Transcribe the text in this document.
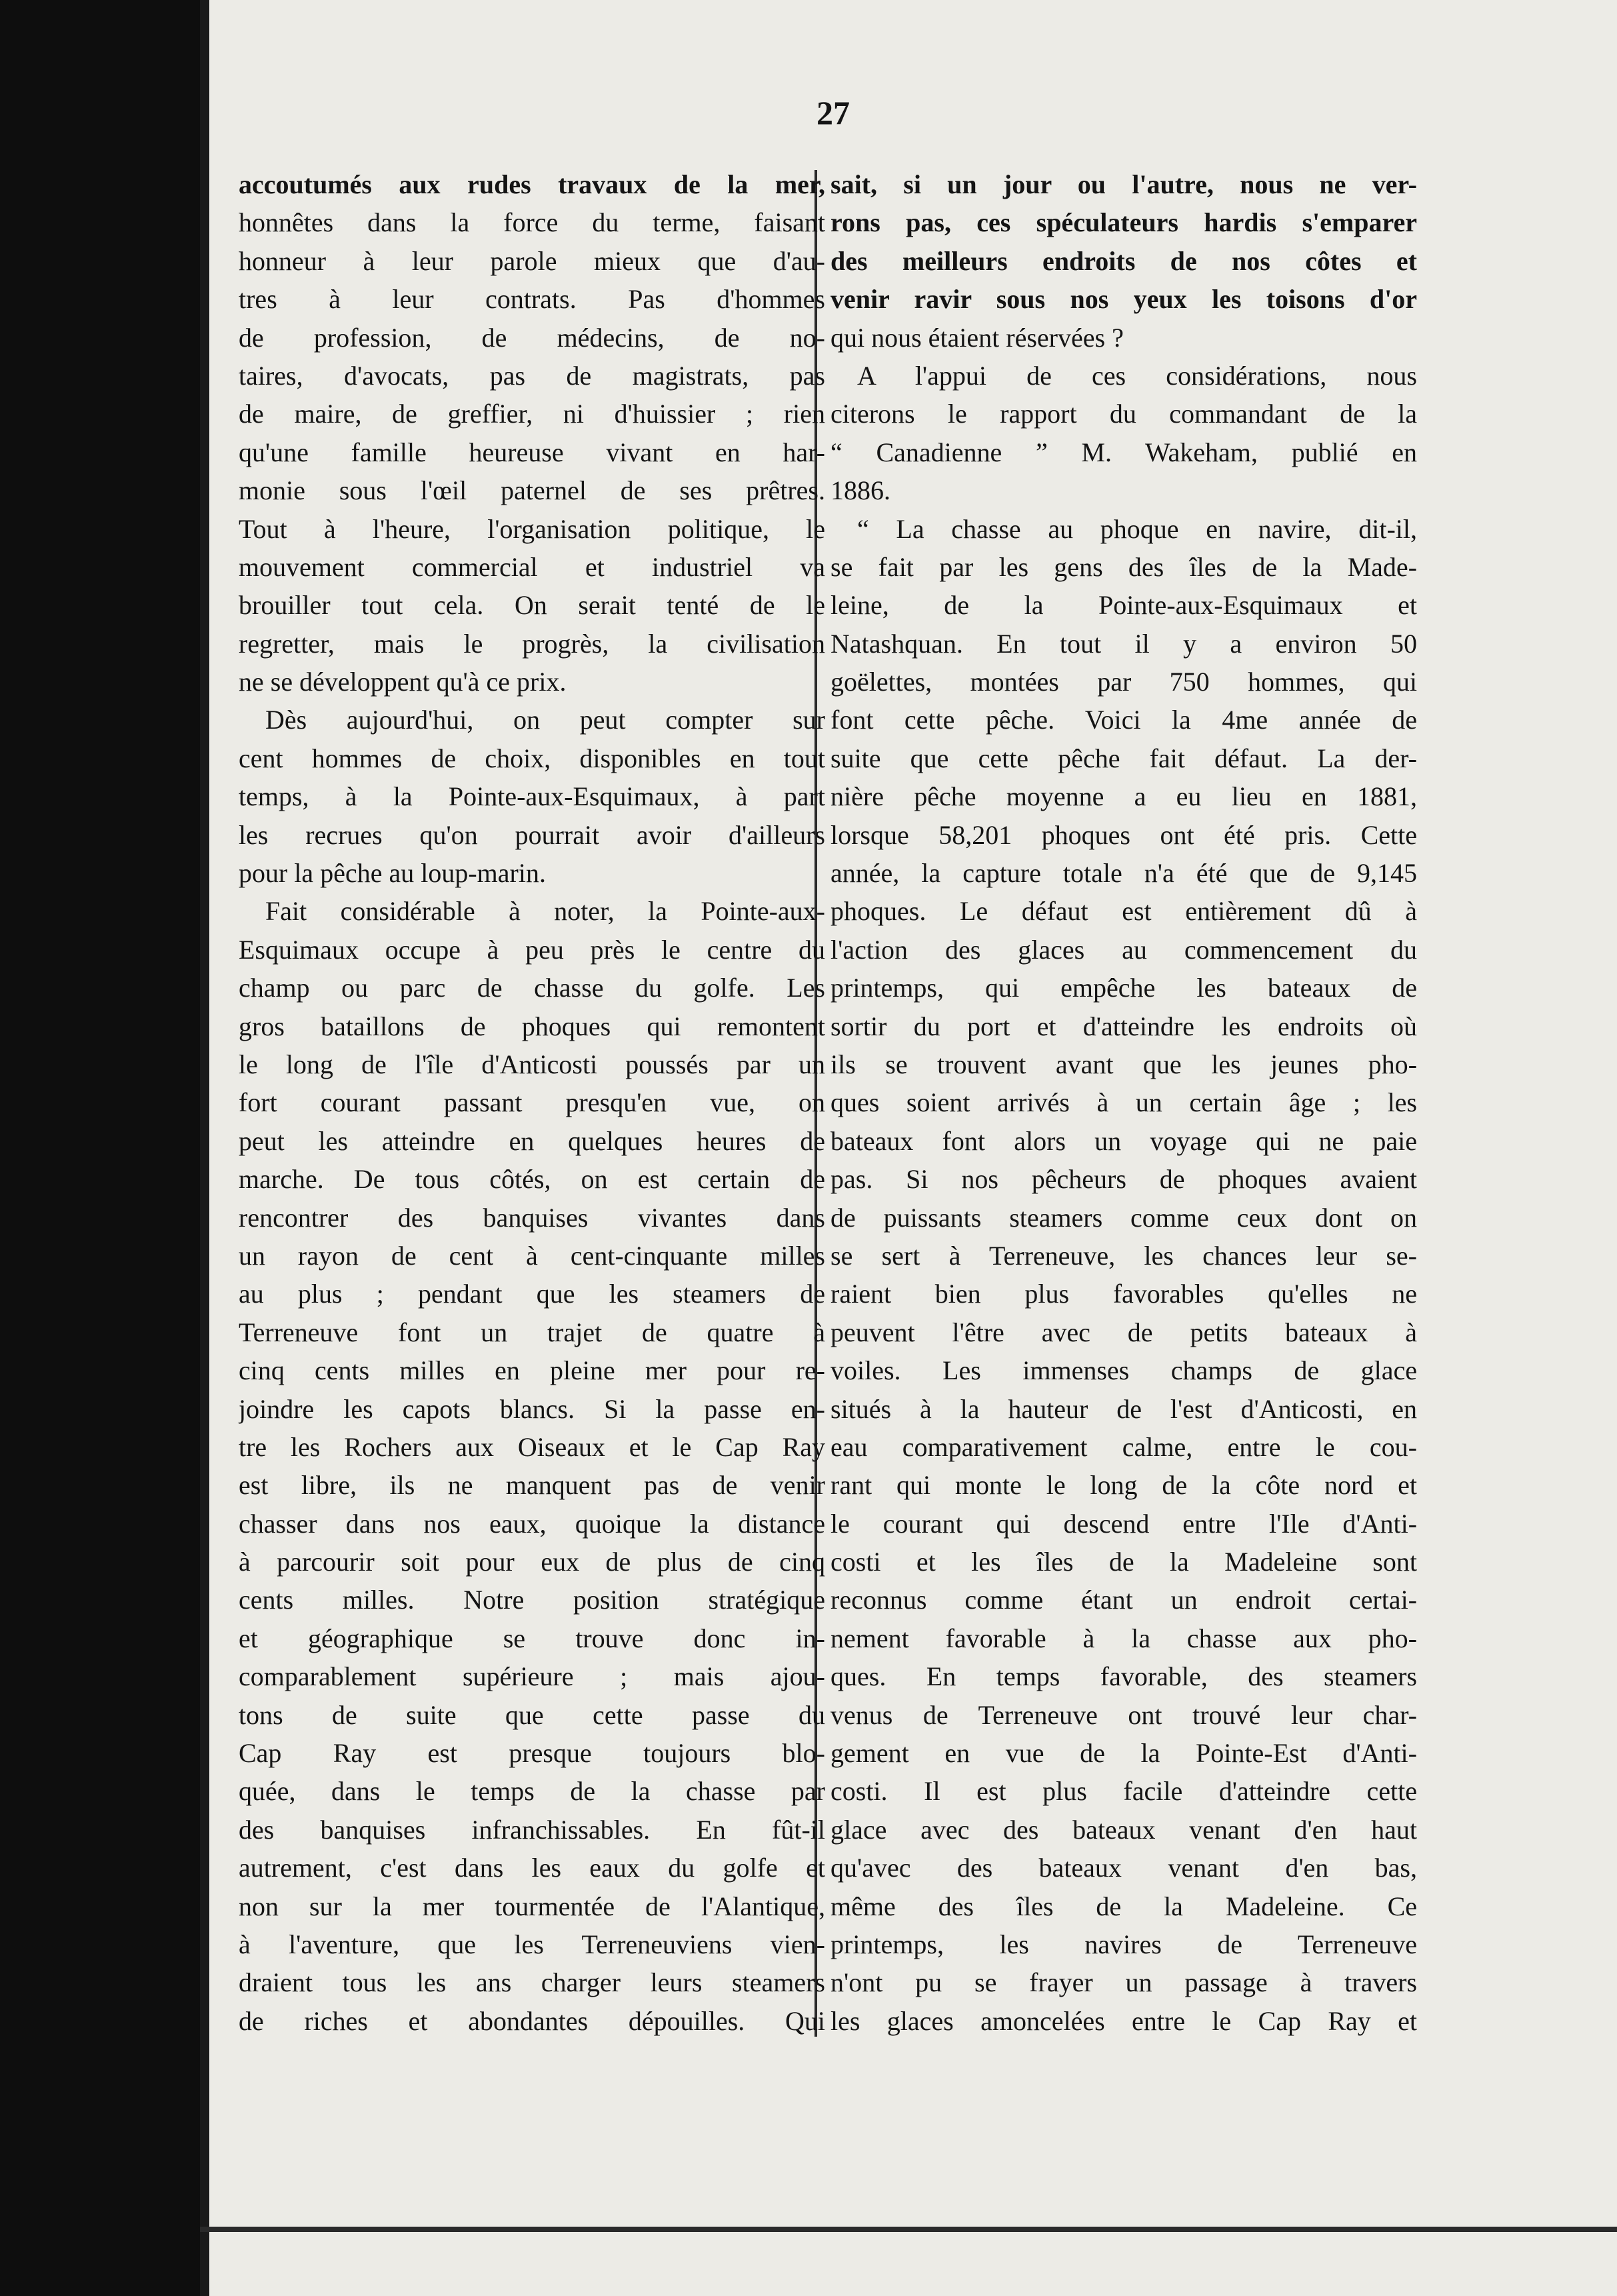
27
accoutumés aux rudes travaux de la mer,
honnêtes dans la force du terme, faisant
honneur à leur parole mieux que d'au-
tres à leur contrats. Pas d'hommes
de profession, de médecins, de no-
taires, d'avocats, pas de magistrats, pas
de maire, de greffier, ni d'huissier ; rien
qu'une famille heureuse vivant en har-
monie sous l'œil paternel de ses prêtres.
Tout à l'heure, l'organisation politique, le
mouvement commercial et industriel va
brouiller tout cela. On serait tenté de le
regretter, mais le progrès, la civilisation
ne se développent qu'à ce prix.
Dès aujourd'hui, on peut compter sur
cent hommes de choix, disponibles en tout
temps, à la Pointe-aux-Esquimaux, à part
les recrues qu'on pourrait avoir d'ailleurs
pour la pêche au loup-marin.
Fait considérable à noter, la Pointe-aux-
Esquimaux occupe à peu près le centre du
champ ou parc de chasse du golfe. Les
gros bataillons de phoques qui remontent
le long de l'île d'Anticosti poussés par un
fort courant passant presqu'en vue, on
peut les atteindre en quelques heures de
marche. De tous côtés, on est certain de
rencontrer des banquises vivantes dans
un rayon de cent à cent-cinquante milles
au plus ; pendant que les steamers de
Terreneuve font un trajet de quatre à
cinq cents milles en pleine mer pour re-
joindre les capots blancs. Si la passe en-
tre les Rochers aux Oiseaux et le Cap Ray
est libre, ils ne manquent pas de venir
chasser dans nos eaux, quoique la distance
à parcourir soit pour eux de plus de cinq
cents milles. Notre position stratégique
et géographique se trouve donc in-
comparablement supérieure ; mais ajou-
tons de suite que cette passe du
Cap Ray est presque toujours blo-
quée, dans le temps de la chasse par
des banquises infranchissables. En fût-il
autrement, c'est dans les eaux du golfe et
non sur la mer tourmentée de l'Alantique,
à l'aventure, que les Terreneuviens vien-
draient tous les ans charger leurs steamers
de riches et abondantes dépouilles. Qui
sait, si un jour ou l'autre, nous ne ver-
rons pas, ces spéculateurs hardis s'emparer
des meilleurs endroits de nos côtes et
venir ravir sous nos yeux les toisons d'or
qui nous étaient réservées ?
A l'appui de ces considérations, nous
citerons le rapport du commandant de la
“ Canadienne ” M. Wakeham, publié en
1886.
“ La chasse au phoque en navire, dit-il,
se fait par les gens des îles de la Made-
leine, de la Pointe-aux-Esquimaux et
Natashquan. En tout il y a environ 50
goëlettes, montées par 750 hommes, qui
font cette pêche. Voici la 4me année de
suite que cette pêche fait défaut. La der-
nière pêche moyenne a eu lieu en 1881,
lorsque 58,201 phoques ont été pris. Cette
année, la capture totale n'a été que de 9,145
phoques. Le défaut est entièrement dû à
l'action des glaces au commencement du
printemps, qui empêche les bateaux de
sortir du port et d'atteindre les endroits où
ils se trouvent avant que les jeunes pho-
ques soient arrivés à un certain âge ; les
bateaux font alors un voyage qui ne paie
pas. Si nos pêcheurs de phoques avaient
de puissants steamers comme ceux dont on
se sert à Terreneuve, les chances leur se-
raient bien plus favorables qu'elles ne
peuvent l'être avec de petits bateaux à
voiles. Les immenses champs de glace
situés à la hauteur de l'est d'Anticosti, en
eau comparativement calme, entre le cou-
rant qui monte le long de la côte nord et
le courant qui descend entre l'Ile d'Anti-
costi et les îles de la Madeleine sont
reconnus comme étant un endroit certai-
nement favorable à la chasse aux pho-
ques. En temps favorable, des steamers
venus de Terreneuve ont trouvé leur char-
gement en vue de la Pointe-Est d'Anti-
costi. Il est plus facile d'atteindre cette
glace avec des bateaux venant d'en haut
qu'avec des bateaux venant d'en bas,
même des îles de la Madeleine. Ce
printemps, les navires de Terreneuve
n'ont pu se frayer un passage à travers
les glaces amoncelées entre le Cap Ray et
